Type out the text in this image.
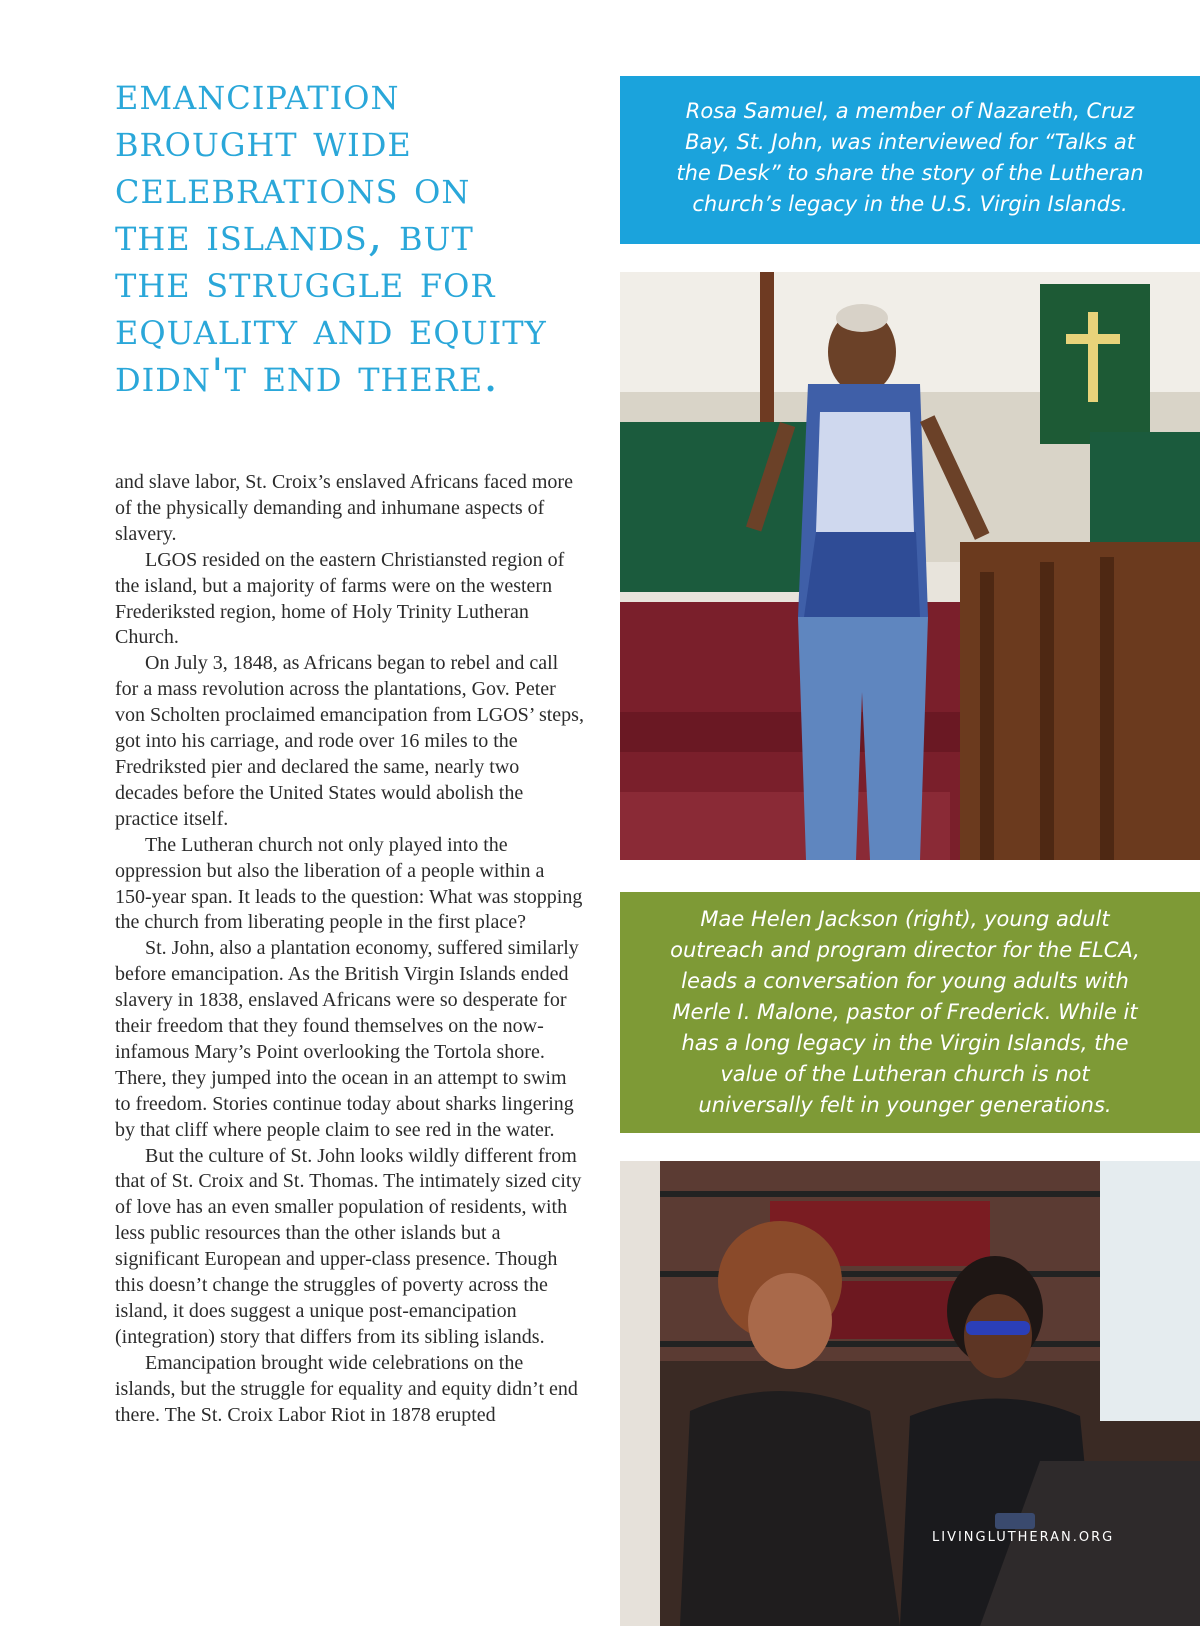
emancipation brought wide celebrations on the islands, but the struggle for equality and equity didn't end there.

and slave labor, St. Croix’s enslaved Africans faced more of the physically demanding and inhumane aspects of slavery.

LGOS resided on the eastern Christiansted region of the island, but a majority of farms were on the western Frederiksted region, home of Holy Trinity Lutheran Church.

On July 3, 1848, as Africans began to rebel and call for a mass revolution across the plantations, Gov. Peter von Scholten proclaimed emancipation from LGOS’ steps, got into his carriage, and rode over 16 miles to the Fredriksted pier and declared the same, nearly two decades before the United States would abolish the practice itself.

The Lutheran church not only played into the oppression but also the liberation of a people within a 150-year span. It leads to the question: What was stopping the church from liberating people in the first place?

St. John, also a plantation economy, suffered similarly before emancipation. As the British Virgin Islands ended slavery in 1838, enslaved Africans were so desperate for their freedom that they found themselves on the now-infamous Mary’s Point overlooking the Tortola shore. There, they jumped into the ocean in an attempt to swim to freedom. Stories continue today about sharks lingering by that cliff where people claim to see red in the water.

But the culture of St. John looks wildly different from that of St. Croix and St. Thomas. The intimately sized city of love has an even smaller population of residents, with less public resources than the other islands but a significant European and upper-class presence. Though this doesn’t change the struggles of poverty across the island, it does suggest a unique post-emancipation (integration) story that differs from its sibling islands.

Emancipation brought wide celebrations on the islands, but the struggle for equality and equity didn’t end there. The St. Croix Labor Riot in 1878 erupted

Rosa Samuel, a member of Nazareth, Cruz Bay, St. John, was interviewed for “Talks at the Desk” to share the story of the Lutheran church’s legacy in the U.S. Virgin Islands.
Mae Helen Jackson (right), young adult outreach and program director for the ELCA, leads a conversation for young adults with Merle I. Malone, pastor of Frederick. While it has a long legacy in the Virgin Islands, the value of the Lutheran church is not universally felt in younger generations.
LIVINGLUTHERAN.ORG
